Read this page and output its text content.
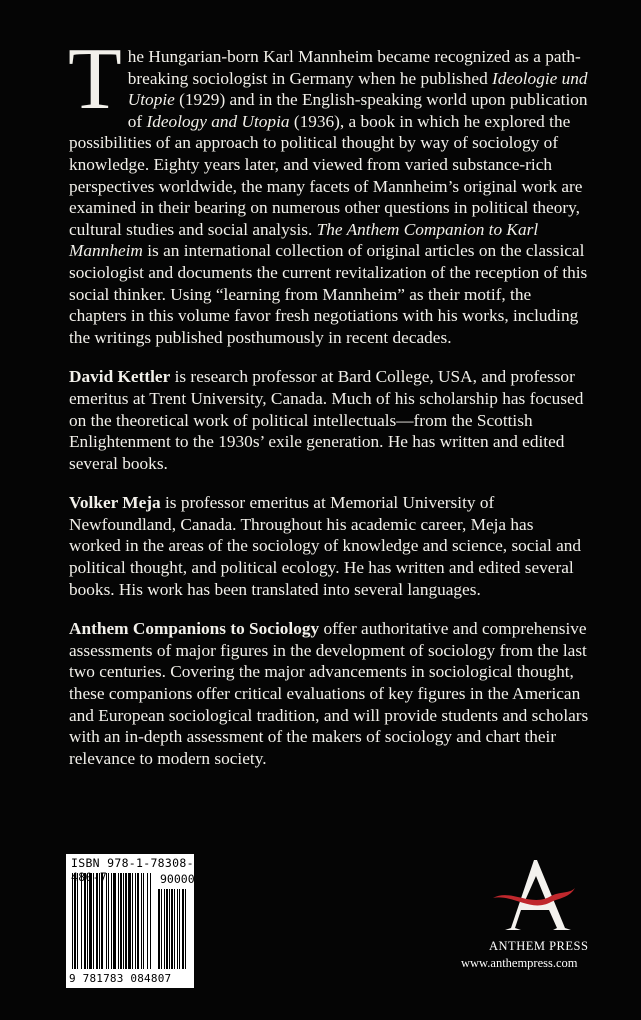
The Hungarian-born Karl Mannheim became recognized as a path- breaking sociologist in Germany when he published Ideologie und Utopie (1929) and in the English-speaking world upon publication of Ideology and Utopia (1936), a book in which he explored the possibilities of an approach to political thought by way of sociology of knowledge. Eighty years later, and viewed from varied substance-rich perspectives worldwide, the many facets of Mannheim’s original work are examined in their bearing on numerous other questions in political theory, cultural studies and social analysis. The Anthem Companion to Karl Mannheim is an international collection of original articles on the classical sociologist and documents the current revitalization of the reception of this social thinker. Using “learning from Mannheim” as their motif, the chapters in this volume favor fresh negotiations with his works, including the writings published posthumously in recent decades.

David Kettler is research professor at Bard College, USA, and professor emeritus at Trent University, Canada. Much of his scholarship has focused on the theoretical work of political intellectuals—from the Scottish Enlightenment to the 1930s’ exile generation. He has written and edited several books.

Volker Meja is professor emeritus at Memorial University of Newfoundland, Canada. Throughout his academic career, Meja has worked in the areas of the sociology of knowledge and science, social and political thought, and political ecology. He has written and edited several books. His work has been translated into several languages.

Anthem Companions to Sociology offer authoritative and comprehensive assessments of major figures in the development of sociology from the last two centuries. Covering the major advancements in sociological thought, these companions offer critical evaluations of key figures in the American and European sociological tradition, and will provide students and scholars with an in-depth assessment of the makers of sociology and chart their relevance to modern society.

ISBN 978-1-78308-48 7	90000
9 781783 084807
ANTHEM PRESS
www.anthempress.com
